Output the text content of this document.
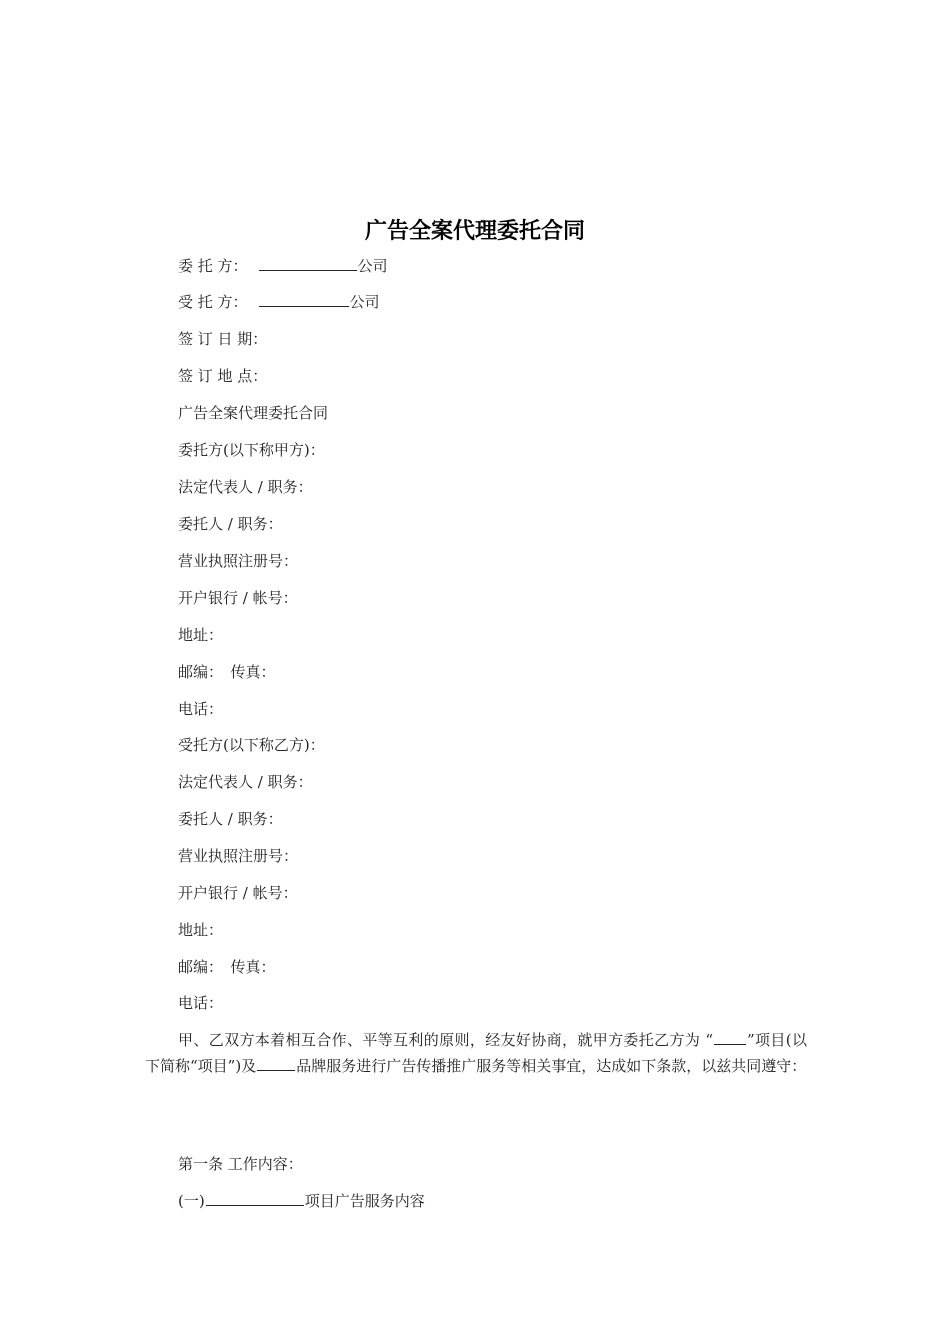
广告全案代理委托合同
委 托 方：	公司
受 托 方：	公司
签 订 日 期：
签 订 地 点：
广告全案代理委托合同
委托方(以下称甲方)：
法定代表人 / 职务：
委托人 / 职务：
营业执照注册号：
开户银行 / 帐号：
地址：
邮编：　传真：
电话：
受托方(以下称乙方)：
法定代表人 / 职务：
委托人 / 职务：
营业执照注册号：
开户银行 / 帐号：
地址：
邮编：　传真：
电话：
甲、乙双方本着相互合作、平等互利的原则，经友好协商，就甲方委托乙方为 “ ”项目(以下简称“项目”)及	品牌服务进行广告传播推广服务等相关事宜，达成如下条款，以兹共同遵守：
第一条 工作内容：
(一)	项目广告服务内容
